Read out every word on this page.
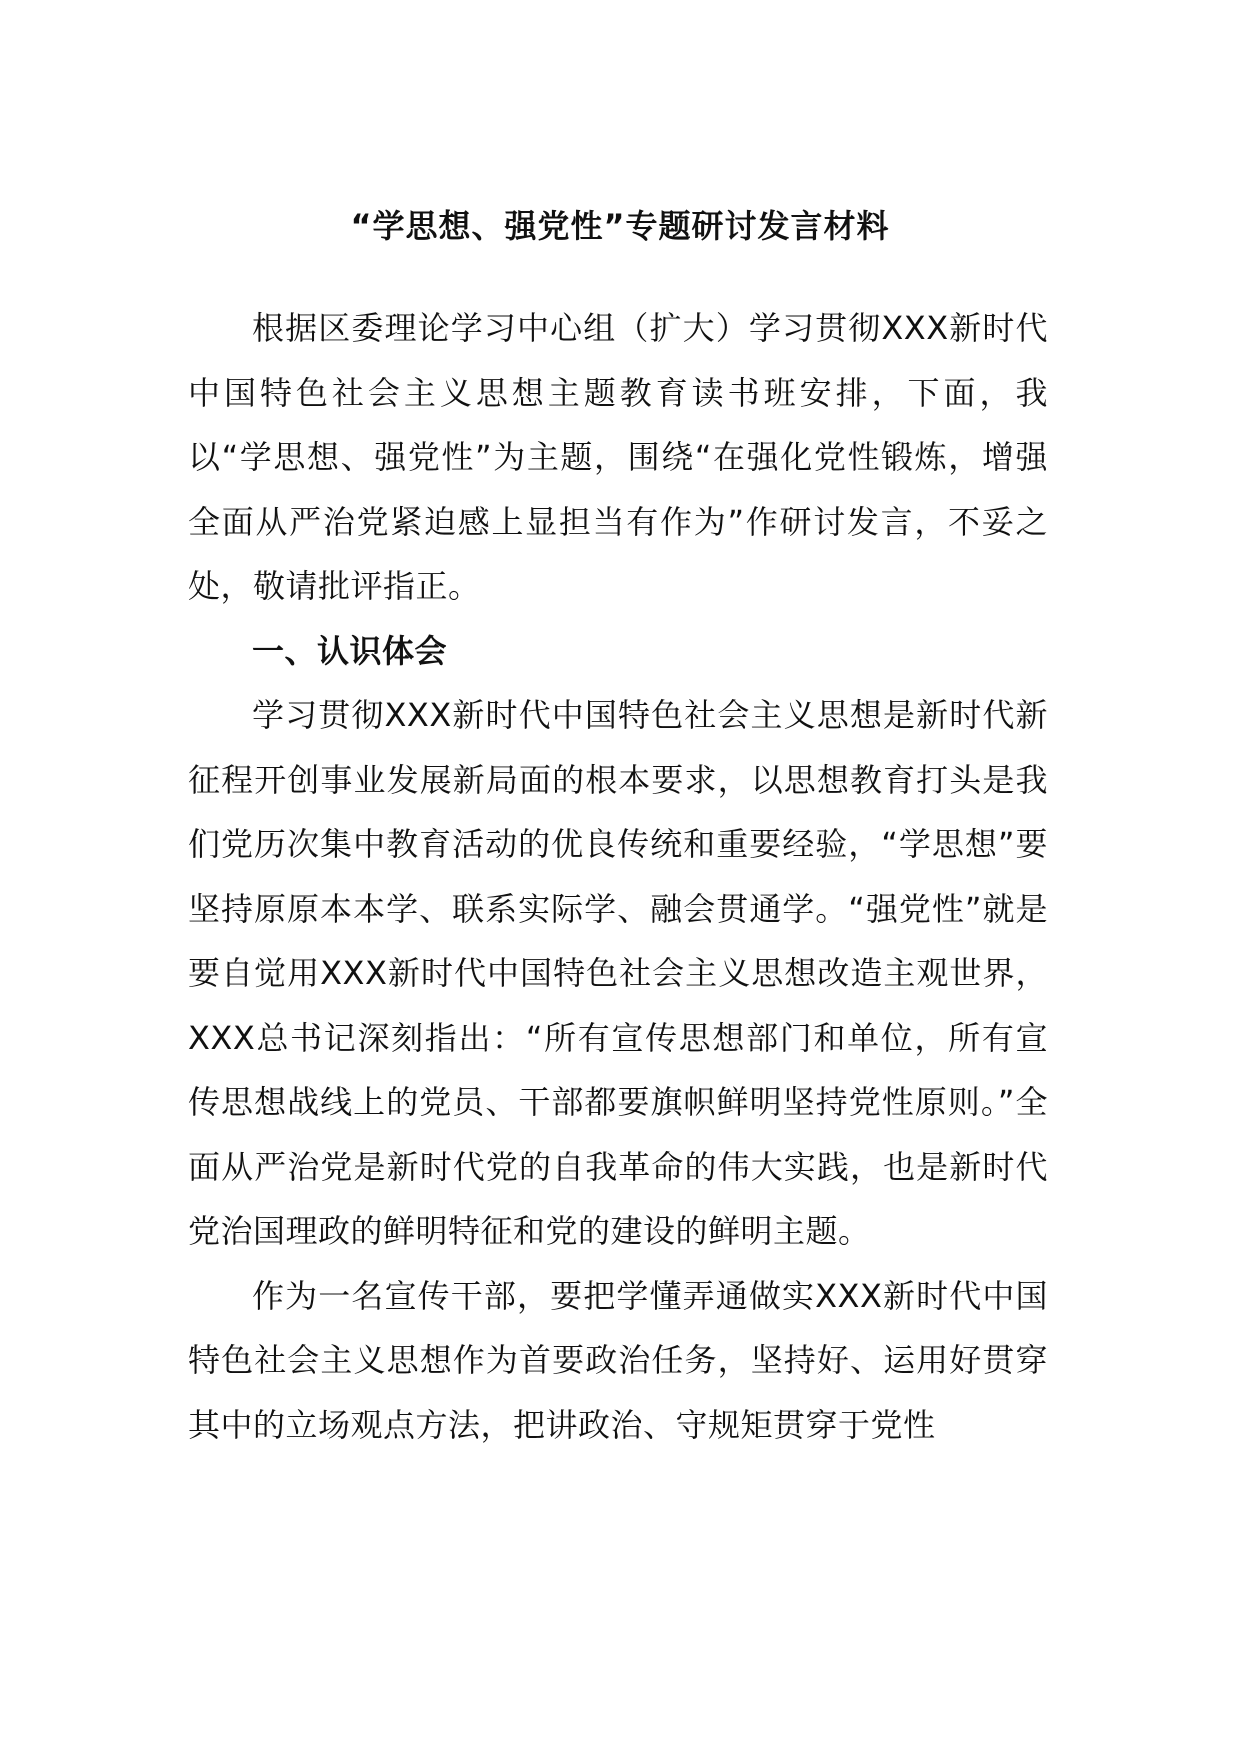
“学思想、强党性”专题研讨发言材料

根据区委理论学习中心组（扩大）学习贯彻XXX新时代中国特色社会主义思想主题教育读书班安排，下面，我以“学思想、强党性”为主题，围绕“在强化党性锻炼，增强全面从严治党紧迫感上显担当有作为”作研讨发言，不妥之处，敬请批评指正。

一、认识体会

学习贯彻XXX新时代中国特色社会主义思想是新时代新征程开创事业发展新局面的根本要求，以思想教育打头是我们党历次集中教育活动的优良传统和重要经验，“学思想”要坚持原原本本学、联系实际学、融会贯通学。“强党性”就是要自觉用XXX新时代中国特色社会主义思想改造主观世界，XXX总书记深刻指出：“所有宣传思想部门和单位，所有宣传思想战线上的党员、干部都要旗帜鲜明坚持党性原则。”全面从严治党是新时代党的自我革命的伟大实践，也是新时代党治国理政的鲜明特征和党的建设的鲜明主题。

作为一名宣传干部，要把学懂弄通做实XXX新时代中国特色社会主义思想作为首要政治任务，坚持好、运用好贯穿其中的立场观点方法，把讲政治、守规矩贯穿于党性
